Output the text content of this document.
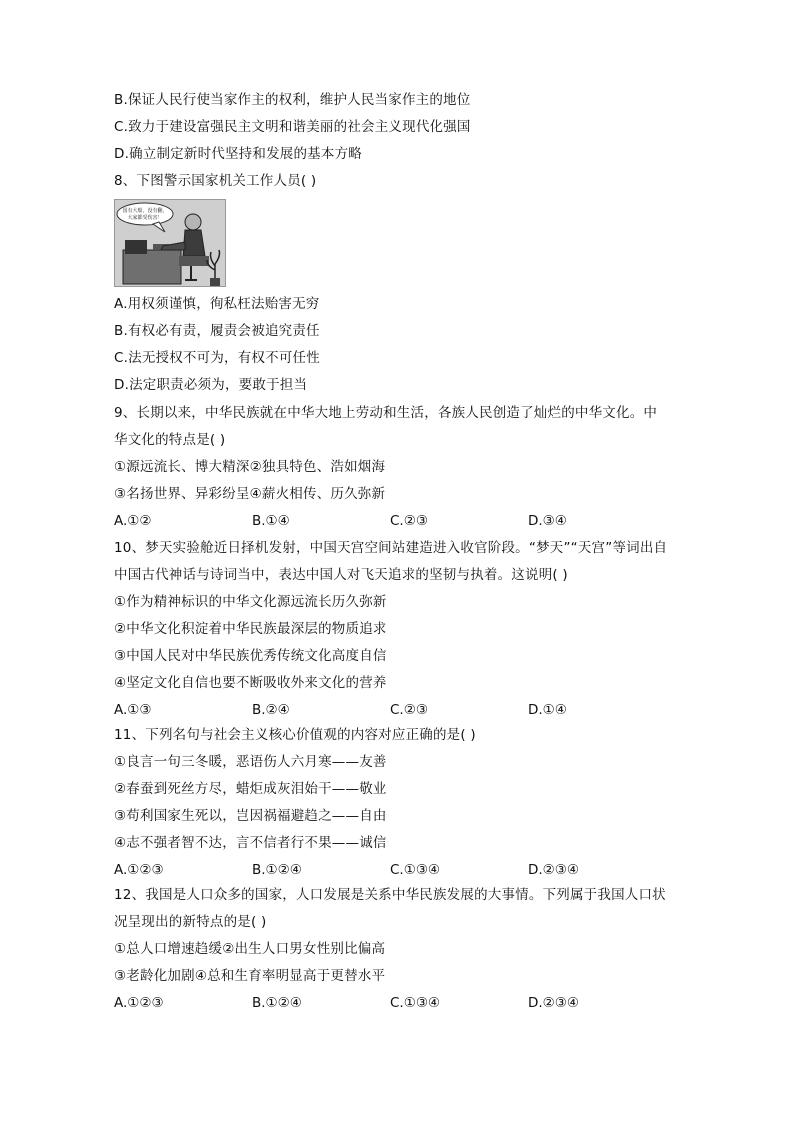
B.保证人民行使当家作主的权利，维护人民当家作主的地位
C.致力于建设富强民主文明和谐美丽的社会主义现代化强国
D.确立制定新时代坚持和发展的基本方略
8、下图警示国家机关工作人员( )
国有大船，没有翻，
大家都受伤害！
A.用权须谨慎，徇私枉法贻害无穷
B.有权必有责，履责会被追究责任
C.法无授权不可为，有权不可任性
D.法定职责必须为，要敢于担当
9、长期以来，中华民族就在中华大地上劳动和生活，各族人民创造了灿烂的中华文化。中
华文化的特点是( )
①源远流长、博大精深②独具特色、浩如烟海
③名扬世界、异彩纷呈④薪火相传、历久弥新
A.①②	B.①④	C.②③	D.③④
10、梦天实验舱近日择机发射，中国天宫空间站建造进入收官阶段。“梦天”“天宫”等词出自
中国古代神话与诗词当中，表达中国人对飞天追求的坚韧与执着。这说明( )
①作为精神标识的中华文化源远流长历久弥新
②中华文化积淀着中华民族最深层的物质追求
③中国人民对中华民族优秀传统文化高度自信
④坚定文化自信也要不断吸收外来文化的营养
A.①③	B.②④	C.②③	D.①④
11、下列名句与社会主义核心价值观的内容对应正确的是( )
①良言一句三冬暖，恶语伤人六月寒——友善
②春蚕到死丝方尽，蜡炬成灰泪始干——敬业
③苟利国家生死以，岂因祸福避趋之——自由
④志不强者智不达，言不信者行不果——诚信
A.①②③	B.①②④	C.①③④	D.②③④
12、我国是人口众多的国家，人口发展是关系中华民族发展的大事情。下列属于我国人口状
况呈现出的新特点的是( )
①总人口增速趋缓②出生人口男女性别比偏高
③老龄化加剧④总和生育率明显高于更替水平
A.①②③	B.①②④	C.①③④	D.②③④
